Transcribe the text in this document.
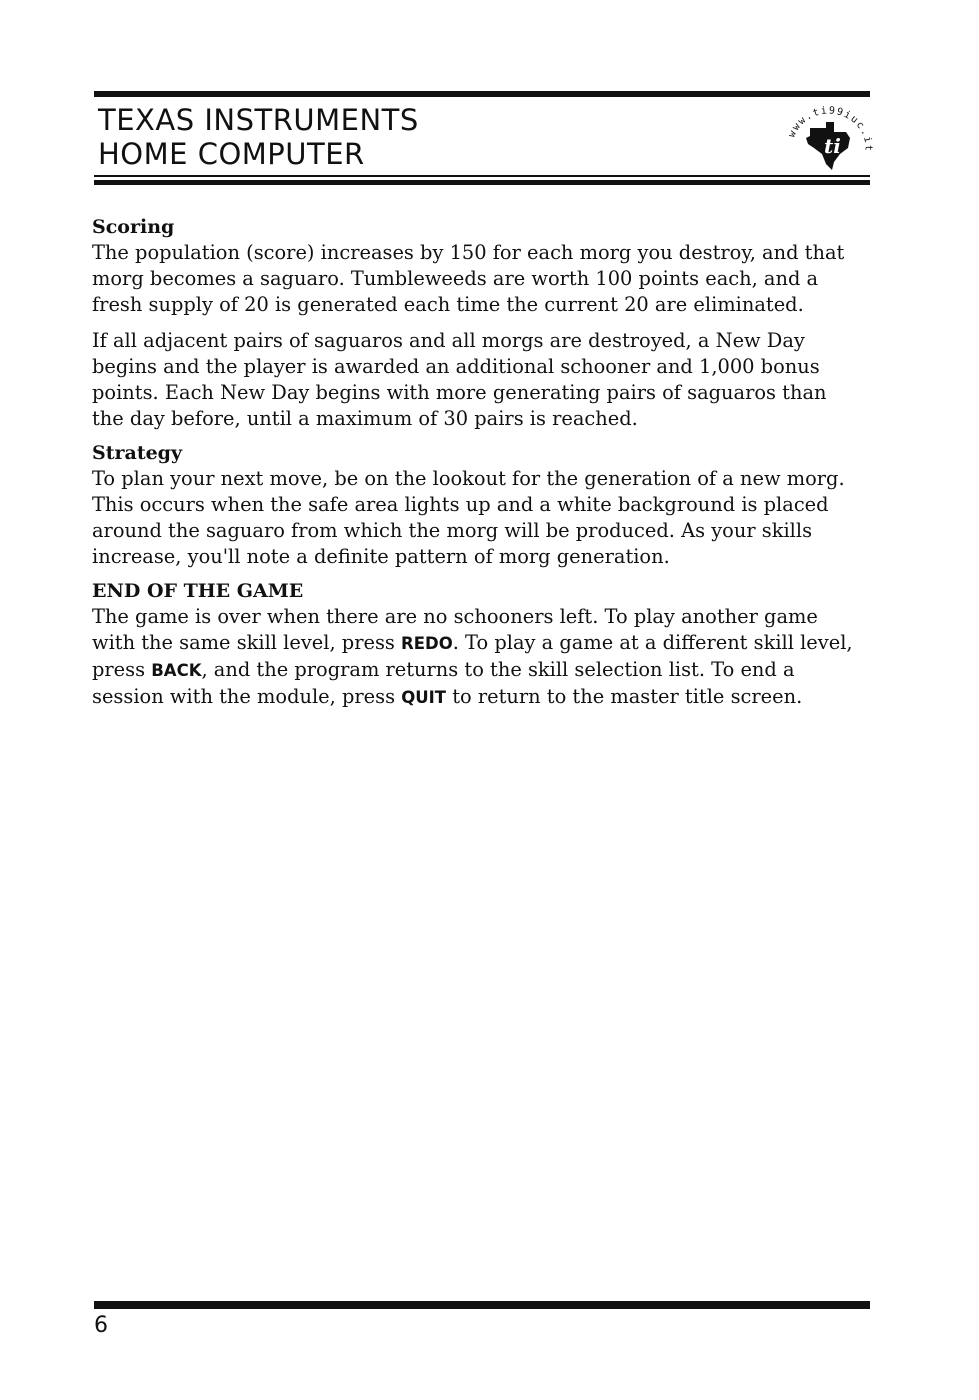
TEXAS INSTRUMENTS
HOME COMPUTER
www.ti99iuc.it
ti

Scoring

The population (score) increases by 150 for each morg you destroy, and that morg becomes a saguaro. Tumbleweeds are worth 100 points each, and a fresh supply of 20 is generated each time the current 20 are eliminated.

If all adjacent pairs of saguaros and all morgs are destroyed, a New Day begins and the player is awarded an additional schooner and 1,000 bonus points. Each New Day begins with more generating pairs of saguaros than the day before, until a maximum of 30 pairs is reached.

Strategy

To plan your next move, be on the lookout for the generation of a new morg. This occurs when the safe area lights up and a white background is placed around the saguaro from which the morg will be produced. As your skills increase, you'll note a definite pattern of morg generation.

END OF THE GAME

The game is over when there are no schooners left. To play another game with the same skill level, press REDO. To play a game at a different skill level, press BACK, and the program returns to the skill selection list. To end a session with the module, press QUIT to return to the master title screen.

6
